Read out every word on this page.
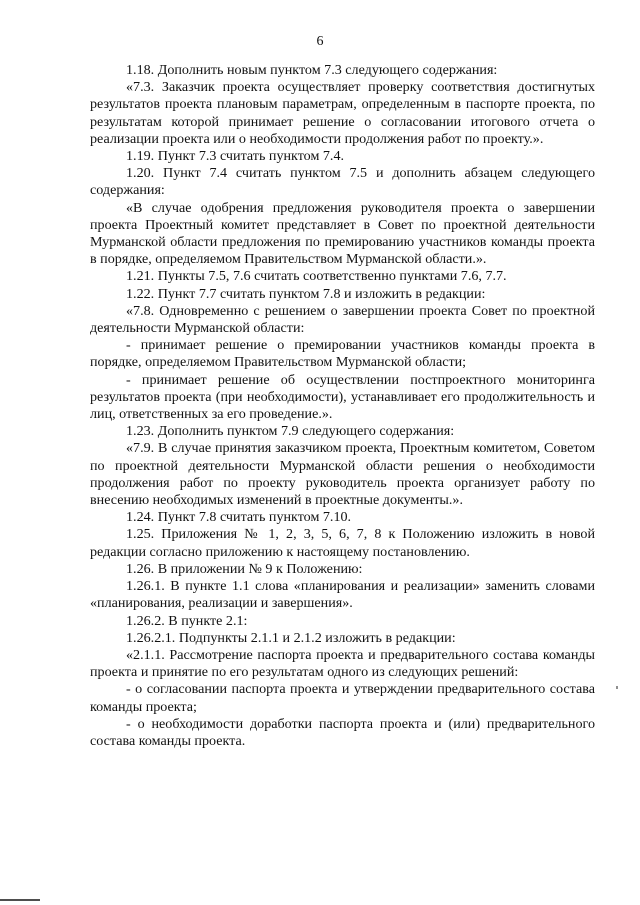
6

1.18. Дополнить новым пунктом 7.3 следующего содержания:

«7.3. Заказчик проекта осуществляет проверку соответствия достигнутых результатов проекта плановым параметрам, определенным в паспорте проекта, по результатам которой принимает решение о согласовании итогового отчета о реализации проекта или о необходимости продолжения работ по проекту.».

1.19. Пункт 7.3 считать пунктом 7.4.

1.20. Пункт 7.4 считать пунктом 7.5 и дополнить абзацем следующего содержания:

«В случае одобрения предложения руководителя проекта о завершении проекта Проектный комитет представляет в Совет по проектной деятельности Мурманской области предложения по премированию участников команды проекта в порядке, определяемом Правительством Мурманской области.».

1.21. Пункты 7.5, 7.6 считать соответственно пунктами 7.6, 7.7.

1.22. Пункт 7.7 считать пунктом 7.8 и изложить в редакции:

«7.8. Одновременно с решением о завершении проекта Совет по проектной деятельности Мурманской области:

- принимает решение о премировании участников команды проекта в порядке, определяемом Правительством Мурманской области;

- принимает решение об осуществлении постпроектного мониторинга результатов проекта (при необходимости), устанавливает его продолжительность и лиц, ответственных за его проведение.».

1.23. Дополнить пунктом 7.9 следующего содержания:

«7.9. В случае принятия заказчиком проекта, Проектным комитетом, Советом по проектной деятельности Мурманской области решения о необходимости продолжения работ по проекту руководитель проекта организует работу по внесению необходимых изменений в проектные документы.».

1.24. Пункт 7.8 считать пунктом 7.10.

1.25. Приложения № 1, 2, 3, 5, 6, 7, 8 к Положению изложить в новой редакции согласно приложению к настоящему постановлению.

1.26. В приложении № 9 к Положению:

1.26.1. В пункте 1.1 слова «планирования и реализации» заменить словами «планирования, реализации и завершения».

1.26.2. В пункте 2.1:

1.26.2.1. Подпункты 2.1.1 и 2.1.2 изложить в редакции:

«2.1.1. Рассмотрение паспорта проекта и предварительного состава команды проекта и принятие по его результатам одного из следующих решений:

- о согласовании паспорта проекта и утверждении предварительного состава команды проекта;

- о необходимости доработки паспорта проекта и (или) предварительного состава команды проекта.
